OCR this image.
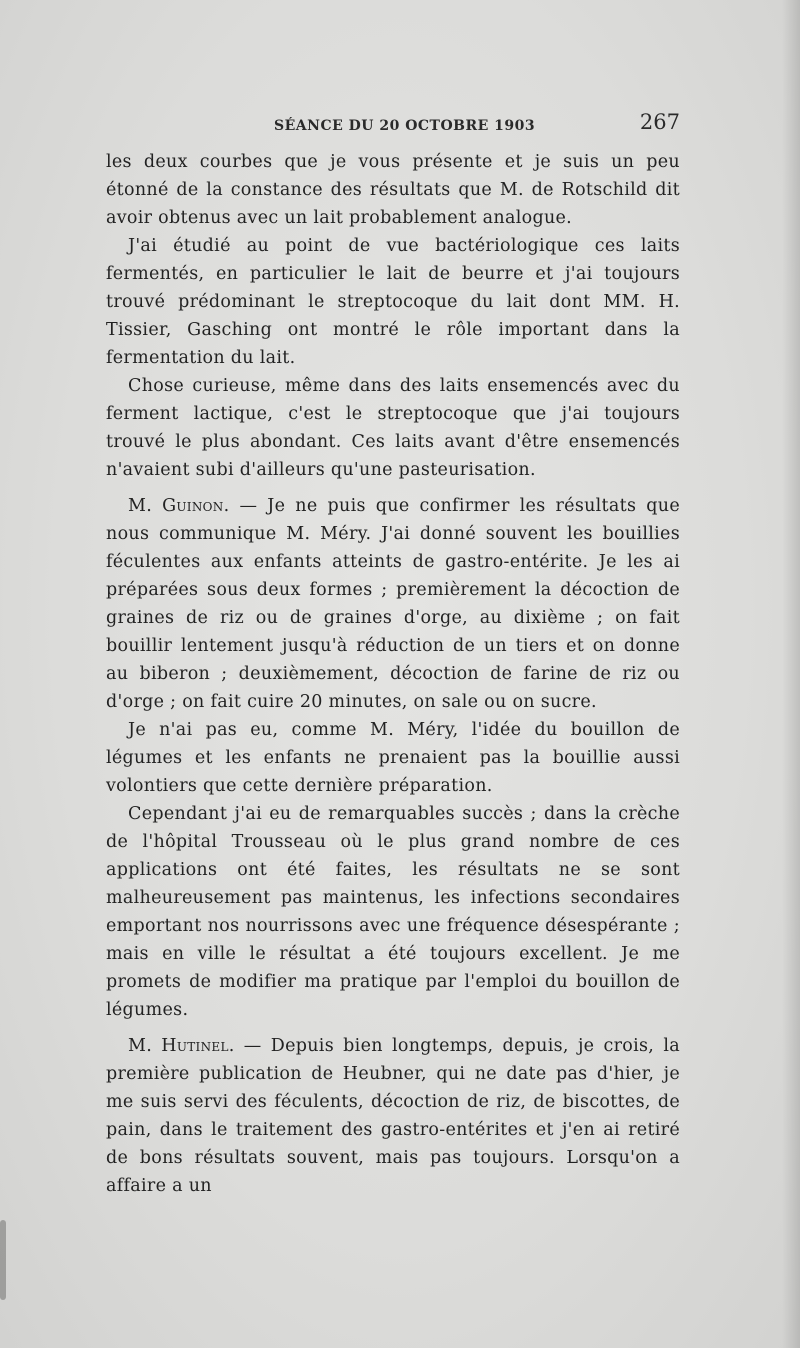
SÉANCE DU 20 OCTOBRE 1903	267

les deux courbes que je vous présente et je suis un peu étonné de la constance des résultats que M. de Rotschild dit avoir obtenus avec un lait probablement analogue.

J'ai étudié au point de vue bactériologique ces laits fermentés, en particulier le lait de beurre et j'ai toujours trouvé prédominant le streptocoque du lait dont MM. H. Tissier, Gasching ont montré le rôle important dans la fermentation du lait.

Chose curieuse, même dans des laits ensemencés avec du ferment lactique, c'est le streptocoque que j'ai toujours trouvé le plus abondant. Ces laits avant d'être ensemencés n'avaient subi d'ailleurs qu'une pasteurisation.

M. Guinon. — Je ne puis que confirmer les résultats que nous communique M. Méry. J'ai donné souvent les bouillies féculentes aux enfants atteints de gastro-entérite. Je les ai préparées sous deux formes ; premièrement la décoction de graines de riz ou de graines d'orge, au dixième ; on fait bouillir lentement jusqu'à réduction de un tiers et on donne au biberon ; deuxièmement, décoction de farine de riz ou d'orge ; on fait cuire 20 minutes, on sale ou on sucre.

Je n'ai pas eu, comme M. Méry, l'idée du bouillon de légumes et les enfants ne prenaient pas la bouillie aussi volontiers que cette dernière préparation.

Cependant j'ai eu de remarquables succès ; dans la crèche de l'hôpital Trousseau où le plus grand nombre de ces applications ont été faites, les résultats ne se sont malheureusement pas maintenus, les infections secondaires emportant nos nourrissons avec une fréquence désespérante ; mais en ville le résultat a été toujours excellent. Je me promets de modifier ma pratique par l'emploi du bouillon de légumes.

M. Hutinel. — Depuis bien longtemps, depuis, je crois, la première publication de Heubner, qui ne date pas d'hier, je me suis servi des féculents, décoction de riz, de biscottes, de pain, dans le traitement des gastro-entérites et j'en ai retiré de bons résultats souvent, mais pas toujours. Lorsqu'on a affaire a un
